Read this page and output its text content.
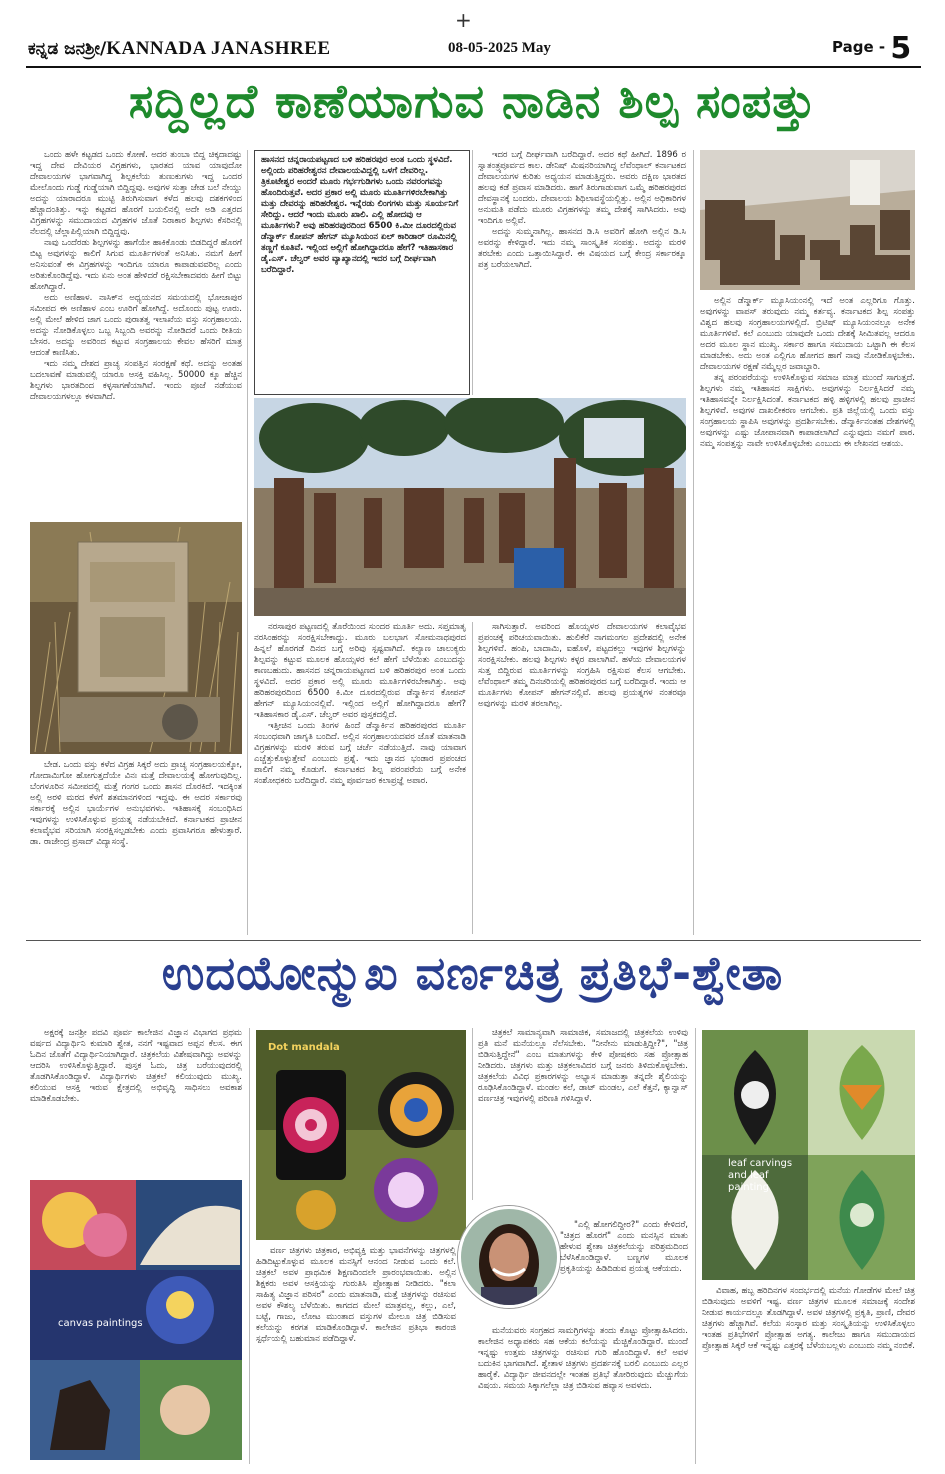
+
ಕನ್ನಡ ಜನಶ್ರೀ/KANNADA JANASHREE	08-05-2025 May	Page - 5
ಸದ್ದಿಲ್ಲದೆ ಕಾಣೆಯಾಗುವ ನಾಡಿನ ಶಿಲ್ಪ ಸಂಪತ್ತು

ಒಂದು ಹಳೇ ಕಟ್ಟಡದ ಒಂದು ಕೋಣೆ. ಅದರ ತುಂಬಾ ಬಿದ್ದ ಚಿಕ್ಕದಾದಷ್ಟು ಇದ್ದ ದೇವ ದೇವಿಯರ ವಿಗ್ರಹಗಳು, ಭಾರತದ ಯಾವ ಯಾವುದೋ ದೇವಾಲಯಗಳ ಭಾಗವಾಗಿದ್ದ ಶಿಲ್ಪಕಲೆಯ ತುಣುಕುಗಳು ಇದ್ದ ಒಂದರ ಮೇಲೊಂದು ಗುಡ್ಡೆ ಗುಡ್ಡೆಯಾಗಿ ಬಿದ್ದಿದ್ದವು. ಅವುಗಳ ಸುತ್ತಾ ಜೇಡ ಬಲೆ ನೇಯ್ದು ಅದನ್ನು ಯಾರಾದರೂ ಮುಟ್ಟಿ ತಿರುಗಿಸುವಾಗ ಕಳೆದ ಹಲವು ದಶಕಗಳಿಂದ ಹೆಚ್ಚಾದಂತಿತ್ತು. ಇನ್ನು ಕಟ್ಟಡದ ಹೊರಗೆ ಬಯಲಿನಲ್ಲಿ ಅದೇ ಅಡಿ ಎತ್ತರದ ವಿಗ್ರಹಗಳನ್ನು ಸಮುದಾಯದ ವಿಗ್ರಹಗಳ ಜೊತೆ ನಿರಾಕಾರ ಶಿಲ್ಪಗಳು ಕೆಸರಿನಲ್ಲಿ ನೆಲದಲ್ಲಿ ಚೆಲ್ಲಾಪಿಲ್ಲಿಯಾಗಿ ಬಿದ್ದಿದ್ದವು.

ನಾವು ಒಂದೆರಡು ಶಿಲ್ಪಗಳನ್ನು ಹಾಗೆಯೇ ಹಾಕಿಕೊಂಡು ಬಿಡದಿದ್ದರೆ ಹೊರಗೆ ಬಿಟ್ಟ ಅವುಗಳನ್ನು ಕಾಲಿಗೆ ಸಿಗುವ ಮೂರ್ತಿಗಳಂತೆ ಅನಿಸಿತು. ನಮಗೆ ಹೀಗೆ ಅನಿಸುವಂತೆ ಈ ವಿಗ್ರಹಗಳನ್ನು ಇಂದಿಗೂ ಯಾರೂ ಕಾಪಾಡುವವರಿಲ್ಲ ಎಂದು ಅರಿತುಕೊಂಡಿದ್ದೆವು. ಇದು ಏನು ಅಂತ ಹೇಳಿದರೆ ರಕ್ಷಿಸಬೇಕಾದವರು ಹೀಗೆ ಬಿಟ್ಟು ಹೋಗಿದ್ದಾರೆ.

ಅದು ಅಣಿಹಾಳ. ನಾಸಿಕ್‌ನ ಅಧ್ಯಯನದ ಸಮಯದಲ್ಲಿ ಭೋಜಾಪುರ ಸಮೀಪದ ಈ ಅಣಿಹಾಳ ಎಂಬ ಊರಿಗೆ ಹೋಗಿದ್ದೆ. ಅದೊಂದು ಪುಟ್ಟ ಊರು. ಅಲ್ಲಿ ಮೇಲೆ ಹೇಳಿದ ಜಾಗ ಒಂದು ಪುರಾತತ್ವ ಇಲಾಖೆಯ ವಸ್ತು ಸಂಗ್ರಹಾಲಯ. ಅದನ್ನು ನೋಡಿಕೊಳ್ಳಲು ಒಬ್ಬ ಸಿಬ್ಬಂದಿ ಅವರನ್ನು ನೋಡಿದರೆ ಒಂದು ರೀತಿಯ ಬೇಸರ. ಅದನ್ನು ಅವರಿಂದ ಕಟ್ಟುವ ಸಂಗ್ರಹಾಲಯ ಕೇವಲ ಹೆಸರಿಗೆ ಮಾತ್ರ ಆದಂತೆ ಕಾಣಿಸಿತು.

ಇದು ನಮ್ಮ ದೇಶದ ಪ್ರಾಚ್ಯ ಸಂಪತ್ತಿನ ಸಂರಕ್ಷಣೆ ಕಥೆ. ಅದನ್ನು ಅಂತಹ ಬದಲಾವಣೆ ಮಾಡುವಲ್ಲಿ ಯಾರೂ ಆಸಕ್ತಿ ವಹಿಸಿಲ್ಲ. 50000 ಕ್ಕೂ ಹೆಚ್ಚಿನ ಶಿಲ್ಪಗಳು ಭಾರತದಿಂದ ಕಳ್ಳಸಾಗಣೆಯಾಗಿವೆ. ಇಂದು ಪೂಜೆ ನಡೆಯುವ ದೇವಾಲಯಗಳಲ್ಲೂ ಕಳವಾಗಿದೆ.

ಬೇಡ. ಒಂದು ವಸ್ತು ಕಳೆದ ವಿಗ್ರಹ ಸಿಕ್ಕರೆ ಅದು ಪ್ರಾಚ್ಯ ಸಂಗ್ರಹಾಲಯಕ್ಕೋ, ಗೋದಾಮಿಗೋ ಹೋಗುತ್ತದೆಯೇ ವಿನಃ ಮತ್ತೆ ದೇವಾಲಯಕ್ಕೆ ಹೋಗುವುದಿಲ್ಲ. ಬೆಂಗಳೂರಿನ ಸಮೀಪದಲ್ಲಿ ಮತ್ತೆ ಗಂಗರ ಒಂದು ಶಾಸನ ದೊರಕಿದೆ. ಇದಕ್ಕಿಂತ ಅಲ್ಲಿ ಅರಳಿ ಮರದ ಕೆಳಗೆ ಶತಮಾನಗಳಿಂದ ಇದ್ದವು. ಈ ಅದರ ಸರ್ಕಾರವು ಸರ್ಕಾರಕ್ಕೆ ಅಲ್ಲಿನ ಭಾರ್ಯೆಗಳ ಅನುಭವಗಳು. ಇತಿಹಾಸಕ್ಕೆ ಸಂಬಂಧಿಸಿದ ಇವುಗಳನ್ನು ಉಳಿಸಿಕೊಳ್ಳುವ ಪ್ರಯತ್ನ ನಡೆಯಬೇಕಿದೆ. ಕರ್ನಾಟಕದ ಪ್ರಾಚೀನ ಕಲಾವೈಭವ ಸರಿಯಾಗಿ ಸಂರಕ್ಷಿಸಲ್ಪಡಬೇಕು ಎಂದು ಪ್ರವಾಸಿಗರೂ ಹೇಳುತ್ತಾರೆ. ಡಾ. ರಾಜೇಂದ್ರ ಪ್ರಸಾದ್ ವಿದ್ಯಾಸಂಸ್ಥೆ.

ಹಾಸನದ ಚನ್ನರಾಯಪಟ್ಟಣದ ಬಳಿ ಹರಿಹರಪುರ ಅಂತ ಒಂದು ಸ್ಥಳವಿದೆ. ಅಲ್ಲಿಂದು ಪರಿಹರೇಶ್ವರನ ದೇವಾಲಯವಿದ್ದಲ್ಲಿ ಒಳಗೆ ದೇವರಿಲ್ಲ. ತ್ರಿಕೂಟೇಶ್ವರ ಅಂದರೆ ಮೂರು ಗರ್ಭಗುಡಿಗಳು ಒಂದು ನವರಂಗವನ್ನು ಹೊಂದಿರುತ್ತವೆ. ಅದರ ಪ್ರಕಾರ ಅಲ್ಲಿ ಮೂರು ಮೂರ್ತಿಗಳಿರಬೇಕಾಗಿತ್ತು ಮತ್ತು ದೇವರನ್ನು ಹರಿಹರೇಶ್ವರ. ಇನ್ನೆರಡು ಲಿಂಗಗಳು ಮತ್ತು ಸೂರ್ಯನಿಗೆ ಸೇರಿದ್ದು. ಆದರೆ ಇಂದು ಮೂರು ಖಾಲಿ. ಎಲ್ಲಿ ಹೋದವು ಆ ಮೂರ್ತಿಗಳು? ಅವು ಹರಿಹರಪುರದಿಂದ 6500 ಕಿ.ಮೀ ದೂರದಲ್ಲಿರುವ ಡೆನ್ಮಾರ್ಕ್ ಕೋಪನ್ ಹೇಗನ್ ಮ್ಯೂಸಿಯಂನ ಏಲ್ ಕಾರಿಡಾರ್ ರೂಮಿನಲ್ಲಿ ತಣ್ಣಗೆ ಕೂತಿವೆ. ಇಲ್ಲಿಂದ ಅಲ್ಲಿಗೆ ಹೋಗಿದ್ದಾದರೂ ಹೇಗೆ? ಇತಿಹಾಸಕಾರ ಡೈ.ಎಸ್. ಚೆಲ್ವರ್ ಅವರ ವ್ಯಾಖ್ಯಾನದಲ್ಲಿ ಇದರ ಬಗ್ಗೆ ದೀರ್ಘವಾಗಿ ಬರೆದಿದ್ದಾರೆ.

ಇದರ ಬಗ್ಗೆ ದೀರ್ಘವಾಗಿ ಬರೆದಿದ್ದಾರೆ. ಅದರ ಕಥೆ ಹೀಗಿದೆ. 1896 ರ ಸ್ವಾತಂತ್ರ್ಯಪೂರ್ವದ ಕಾಲ. ಡೇನಿಷ್ ಮಿಷನರಿಯಾಗಿದ್ದ ಲೆವೆಂಥಾಲ್ ಕರ್ನಾಟಕದ ದೇವಾಲಯಗಳ ಕುರಿತು ಅಧ್ಯಯನ ಮಾಡುತ್ತಿದ್ದರು. ಅವರು ದಕ್ಷಿಣ ಭಾರತದ ಹಲವು ಕಡೆ ಪ್ರವಾಸ ಮಾಡಿದರು. ಹಾಗೆ ತಿರುಗಾಡುವಾಗ ಒಮ್ಮೆ ಹರಿಹರಪುರದ ದೇವಸ್ಥಾನಕ್ಕೆ ಬಂದರು. ದೇವಾಲಯ ಶಿಥಿಲಾವಸ್ಥೆಯಲ್ಲಿತ್ತು. ಅಲ್ಲಿನ ಅಧಿಕಾರಿಗಳ ಅನುಮತಿ ಪಡೆದು ಮೂರು ವಿಗ್ರಹಗಳನ್ನು ತಮ್ಮ ದೇಶಕ್ಕೆ ಸಾಗಿಸಿದರು. ಅವು ಇಂದಿಗೂ ಅಲ್ಲಿವೆ.

ಅದನ್ನು ಸುಮ್ಮನಾಗಿಲ್ಲ. ಹಾಸನದ ಡಿ.ಸಿ ಅವರಿಗೆ ಹೋಗಿ ಅಲ್ಲಿನ ಡಿ.ಸಿ ಅವರನ್ನು ಕೇಳಿದ್ದಾರೆ. ಇದು ನಮ್ಮ ಸಾಂಸ್ಕೃತಿಕ ಸಂಪತ್ತು. ಅದನ್ನು ಮರಳಿ ತರಬೇಕು ಎಂದು ಒತ್ತಾಯಿಸಿದ್ದಾರೆ. ಈ ವಿಷಯದ ಬಗ್ಗೆ ಕೇಂದ್ರ ಸರ್ಕಾರಕ್ಕೂ ಪತ್ರ ಬರೆಯಲಾಗಿದೆ.

ನರಸಾಪುರ ಪಟ್ಟಣದಲ್ಲಿ ತೊರೆಯಿಂದ ಸುಂದರ ಮೂರ್ತಿ ಅದು. ಸಪ್ತಮಾತೃ ನರಸಿಂಹರನ್ನು ಸಂರಕ್ಷಿಸಬೇಕಾದ್ದು. ಮೂರು ಬಲಭಾಗ ಸೋಮನಾಥಪುರದ ಹಿನ್ನಲೆ ಹೊರಗಡೆ ದಿನದ ಬಗ್ಗೆ ಅರಿವು ಸ್ಪಷ್ಟವಾಗಿದೆ. ಕಲ್ಯಾಣ ಚಾಲುಕ್ಯರು ಶಿಲ್ಪವನ್ನು ಕಟ್ಟುವ ಮೂಲಕ ಹೊಯ್ಸಳರ ಕಲೆ ಹೇಗೆ ಬೆಳೆಯಿತು ಎಂಬುದನ್ನು ಕಾಣಬಹುದು. ಹಾಸನದ ಚನ್ನರಾಯಪಟ್ಟಣದ ಬಳಿ ಹರಿಹರಪುರ ಅಂತ ಒಂದು ಸ್ಥಳವಿದೆ. ಅದರ ಪ್ರಕಾರ ಅಲ್ಲಿ ಮೂರು ಮೂರ್ತಿಗಳಿರಬೇಕಾಗಿತ್ತು. ಅವು ಹರಿಹರಪುರದಿಂದ 6500 ಕಿ.ಮೀ ದೂರದಲ್ಲಿರುವ ಡೆನ್ಮಾರ್ಕಿನ ಕೋಪನ್ ಹೇಗನ್ ಮ್ಯೂಸಿಯಂನಲ್ಲಿವೆ. ಇಲ್ಲಿಂದ ಅಲ್ಲಿಗೆ ಹೋಗಿದ್ದಾದರೂ ಹೇಗೆ? ಇತಿಹಾಸಕಾರ ಡೈ.ಎಸ್. ಚೆಲ್ವರ್ ಅವರ ಪುಸ್ತಕದಲ್ಲಿದೆ.

ಇತ್ತೀಚಿನ ಒಂದು ತಿಂಗಳ ಹಿಂದೆ ಡೆನ್ಮಾರ್ಕಿನ ಹರಿಹರಪುರದ ಮೂರ್ತಿ ಸಂಬಂಧವಾಗಿ ಜಾಗೃತಿ ಬಂದಿದೆ. ಅಲ್ಲಿನ ಸಂಗ್ರಹಾಲಯದವರ ಜೊತೆ ಮಾತನಾಡಿ ವಿಗ್ರಹಗಳನ್ನು ಮರಳಿ ತರುವ ಬಗ್ಗೆ ಚರ್ಚೆ ನಡೆಯುತ್ತಿದೆ. ನಾವು ಯಾವಾಗ ಎಚ್ಚೆತ್ತುಕೊಳ್ಳುತ್ತೇವೆ ಎಂಬುದು ಪ್ರಶ್ನೆ. ಇದು ಜ್ಞಾನದ ಭಂಡಾರ ಪ್ರಪಂಚದ ಪಾಲಿಗೆ ನಮ್ಮ ಕೊಡುಗೆ. ಕರ್ನಾಟಕದ ಶಿಲ್ಪ ಪರಂಪರೆಯ ಬಗ್ಗೆ ಅನೇಕ ಸಂಶೋಧಕರು ಬರೆದಿದ್ದಾರೆ. ನಮ್ಮ ಪೂರ್ವಜರ ಕಲಾಪ್ರಜ್ಞೆ ಅಪಾರ.

ಸಾಗಿಸುತ್ತಾರೆ. ಅವರಿಂದ ಹೊಯ್ಸಳರ ದೇವಾಲಯಗಳ ಕಲಾವೈಭವ ಪ್ರಪಂಚಕ್ಕೆ ಪರಿಚಯವಾಯಿತು. ಹುಲಿಕೆರೆ ನಾಗಮಂಗಲ ಪ್ರದೇಶದಲ್ಲಿ ಅನೇಕ ಶಿಲ್ಪಗಳಿವೆ. ಹಂಪಿ, ಬಾದಾಮಿ, ಐಹೊಳೆ, ಪಟ್ಟದಕಲ್ಲು ಇವುಗಳ ಶಿಲ್ಪಗಳನ್ನು ಸಂರಕ್ಷಿಸಬೇಕು. ಹಲವು ಶಿಲ್ಪಗಳು ಕಳ್ಳರ ಪಾಲಾಗಿವೆ. ಹಳೆಯ ದೇವಾಲಯಗಳ ಸುತ್ತ ಬಿದ್ದಿರುವ ಮೂರ್ತಿಗಳನ್ನು ಸಂಗ್ರಹಿಸಿ ರಕ್ಷಿಸುವ ಕೆಲಸ ಆಗಬೇಕು. ಲೆವೆಂಥಾಲ್ ತಮ್ಮ ದಿನಚರಿಯಲ್ಲಿ ಹರಿಹರಪುರದ ಬಗ್ಗೆ ಬರೆದಿದ್ದಾರೆ. ಇಂದು ಆ ಮೂರ್ತಿಗಳು ಕೋಪನ್ ಹೇಗನ್‌ನಲ್ಲಿವೆ. ಹಲವು ಪ್ರಯತ್ನಗಳ ನಂತರವೂ ಅವುಗಳನ್ನು ಮರಳಿ ತರಲಾಗಿಲ್ಲ.

ಅಲ್ಲಿನ ಡೆನ್ಮಾರ್ಕ್ ಮ್ಯೂಸಿಯಂನಲ್ಲಿ ಇದೆ ಅಂತ ಎಲ್ಲರಿಗೂ ಗೊತ್ತು. ಅವುಗಳನ್ನು ವಾಪಸ್ ತರುವುದು ನಮ್ಮ ಕರ್ತವ್ಯ. ಕರ್ನಾಟಕದ ಶಿಲ್ಪ ಸಂಪತ್ತು ವಿಶ್ವದ ಹಲವು ಸಂಗ್ರಹಾಲಯಗಳಲ್ಲಿದೆ. ಬ್ರಿಟಿಷ್ ಮ್ಯೂಸಿಯಂನಲ್ಲೂ ಅನೇಕ ಮೂರ್ತಿಗಳಿವೆ. ಕಲೆ ಎಂಬುದು ಯಾವುದೇ ಒಂದು ದೇಶಕ್ಕೆ ಸೀಮಿತವಲ್ಲ ಆದರೂ ಅದರ ಮೂಲ ಸ್ಥಾನ ಮುಖ್ಯ. ಸರ್ಕಾರ ಹಾಗೂ ಸಮುದಾಯ ಒಟ್ಟಾಗಿ ಈ ಕೆಲಸ ಮಾಡಬೇಕು. ಅದು ಅಂತ ಎಲ್ಲಿಗೂ ಹೋಗದ ಹಾಗೆ ನಾವು ನೋಡಿಕೊಳ್ಳಬೇಕು. ದೇವಾಲಯಗಳ ರಕ್ಷಣೆ ನಮ್ಮೆಲ್ಲರ ಜವಾಬ್ದಾರಿ.

ತನ್ನ ಪರಂಪರೆಯನ್ನು ಉಳಿಸಿಕೊಳ್ಳುವ ಸಮಾಜ ಮಾತ್ರ ಮುಂದೆ ಸಾಗುತ್ತದೆ. ಶಿಲ್ಪಗಳು ನಮ್ಮ ಇತಿಹಾಸದ ಸಾಕ್ಷಿಗಳು. ಅವುಗಳನ್ನು ನಿರ್ಲಕ್ಷಿಸಿದರೆ ನಮ್ಮ ಇತಿಹಾಸವನ್ನೇ ನಿರ್ಲಕ್ಷಿಸಿದಂತೆ. ಕರ್ನಾಟಕದ ಹಳ್ಳಿ ಹಳ್ಳಿಗಳಲ್ಲಿ ಹಲವು ಪ್ರಾಚೀನ ಶಿಲ್ಪಗಳಿವೆ. ಅವುಗಳ ದಾಖಲೀಕರಣ ಆಗಬೇಕು. ಪ್ರತಿ ಜಿಲ್ಲೆಯಲ್ಲಿ ಒಂದು ವಸ್ತು ಸಂಗ್ರಹಾಲಯ ಸ್ಥಾಪಿಸಿ ಅವುಗಳನ್ನು ಪ್ರದರ್ಶಿಸಬೇಕು. ಡೆನ್ಮಾರ್ಕಿನಂತಹ ದೇಶಗಳಲ್ಲಿ ಅವುಗಳನ್ನು ಎಷ್ಟು ಜೋಪಾನವಾಗಿ ಕಾಪಾಡಲಾಗಿದೆ ಎನ್ನುವುದು ನಮಗೆ ಪಾಠ. ನಮ್ಮ ಸಂಪತ್ತನ್ನು ನಾವೇ ಉಳಿಸಿಕೊಳ್ಳಬೇಕು ಎಂಬುದು ಈ ಲೇಖನದ ಆಶಯ.

ಉದಯೋನ್ಮುಖ ವರ್ಣಚಿತ್ರ ಪ್ರತಿಭೆ-ಶ್ವೇತಾ

ಅಕ್ಷರಕ್ಕೆ ಜನಶ್ರೀ ಪದವಿ ಪೂರ್ವ ಕಾಲೇಜಿನ ವಿಜ್ಞಾನ ವಿಭಾಗದ ಪ್ರಥಮ ವರ್ಷದ ವಿದ್ಯಾರ್ಥಿನಿ ಕುಮಾರಿ ಶ್ವೇತ, ನನಗೆ ಇಷ್ಟವಾದ ಅಪ್ಪನ ಕೆಲಸ. ಈಗ ಓದಿನ ಜೊತೆಗೆ ವಿದ್ಯಾರ್ಥಿನಿಯಾಗಿದ್ದಾರೆ. ಚಿತ್ರಕಲೆಯ ವಿಶೇಷವಾಗಿದ್ದು ಅವಳನ್ನು ಆದರಿಸಿ ಉಳಿಸಿಕೊಳ್ಳುತ್ತಿದ್ದಾರೆ. ಪುಸ್ತಕ ಓದು, ಚಿತ್ರ ಬರೆಯುವುದರಲ್ಲಿ ತೊಡಗಿಸಿಕೊಂಡಿದ್ದಾಳೆ. ವಿದ್ಯಾರ್ಥಿಗಳು ಚಿತ್ರಕಲೆ ಕಲಿಯುವುದು ಮುಖ್ಯ. ಕಲಿಯುವ ಆಸಕ್ತಿ ಇರುವ ಕ್ಷೇತ್ರದಲ್ಲಿ ಅಭಿವೃದ್ಧಿ ಸಾಧಿಸಲು ಅವಕಾಶ ಮಾಡಿಕೊಡಬೇಕು.

canvas paintings
Dot mandala

ವರ್ಣ ಚಿತ್ರಗಳು ಚಿತ್ರಕಾರ, ಅಭಿವ್ಯಕ್ತಿ ಮತ್ತು ಭಾವನೆಗಳನ್ನು ಚಿತ್ರಗಳಲ್ಲಿ ಹಿಡಿದಿಟ್ಟುಕೊಳ್ಳುವ ಮೂಲಕ ಮನಸ್ಸಿಗೆ ಆನಂದ ನೀಡುವ ಒಂದು ಕಲೆ. ಚಿತ್ರಕಲೆ ಅವಳ ಪ್ರಾಥಮಿಕ ಶಿಕ್ಷಣದಿಂದಲೇ ಪ್ರಾರಂಭವಾಯಿತು. ಅಲ್ಲಿನ ಶಿಕ್ಷಕರು ಅವಳ ಆಸಕ್ತಿಯನ್ನು ಗುರುತಿಸಿ ಪ್ರೋತ್ಸಾಹ ನೀಡಿದರು. "ಕಲಾ ಸಾಹಿತ್ಯ ವಿಜ್ಞಾನ ಪರಿಸರ" ಎಂದು ಮಾತನಾಡಿ, ಮತ್ತೆ ಚಿತ್ರಗಳನ್ನು ರಚಿಸುವ ಅವಳ ಕೌಶಲ್ಯ ಬೆಳೆಯಿತು. ಕಾಗದದ ಮೇಲೆ ಮಾತ್ರವಲ್ಲ, ಕಲ್ಲು, ಎಲೆ, ಬಟ್ಟೆ, ಗಾಜು, ಲೋಟ ಮುಂತಾದ ವಸ್ತುಗಳ ಮೇಲೂ ಚಿತ್ರ ಬಿಡಿಸುವ ಕಲೆಯನ್ನು ಕರಗತ ಮಾಡಿಕೊಂಡಿದ್ದಾಳೆ. ಕಾಲೇಜಿನ ಪ್ರತಿಭಾ ಕಾರಂಜಿ ಸ್ಪರ್ಧೆಯಲ್ಲಿ ಬಹುಮಾನ ಪಡೆದಿದ್ದಾಳೆ.

ಚಿತ್ರಕಲೆ ಸಾಮಾನ್ಯವಾಗಿ ಸಾಮಾಜಿಕ, ಸಮಾಜದಲ್ಲಿ ಚಿತ್ರಕಲೆಯ ಉಳಿವು ಪ್ರತಿ ಮನೆ ಮನೆಯಲ್ಲೂ ನೆಲೆಸಬೇಕು. "ನೀನೇನು ಮಾಡುತ್ತಿದ್ದೀ?", "ಚಿತ್ರ ಬಿಡಿಸುತ್ತಿದ್ದೇನೆ" ಎಂಬ ಮಾತುಗಳನ್ನು ಕೇಳಿ ಪೋಷಕರು ಸಹ ಪ್ರೋತ್ಸಾಹ ನೀಡಿದರು. ಚಿತ್ರಗಳು ಮತ್ತು ಚಿತ್ರಕಲಾವಿದರ ಬಗ್ಗೆ ಜನರು ತಿಳಿದುಕೊಳ್ಳಬೇಕು. ಚಿತ್ರಕಲೆಯ ವಿವಿಧ ಪ್ರಕಾರಗಳನ್ನು ಅಭ್ಯಾಸ ಮಾಡುತ್ತಾ ತನ್ನದೇ ಶೈಲಿಯನ್ನು ರೂಢಿಸಿಕೊಂಡಿದ್ದಾಳೆ. ಮಂಡಲ ಕಲೆ, ಡಾಟ್ ಮಂಡಲ, ಎಲೆ ಕೆತ್ತನೆ, ಕ್ಯಾನ್ವಾಸ್ ವರ್ಣಚಿತ್ರ ಇವುಗಳಲ್ಲಿ ಪರಿಣತಿ ಗಳಿಸಿದ್ದಾಳೆ.

"ಎಲ್ಲಿ ಹೋಗಲಿದ್ದೀರ?" ಎಂದು ಕೇಳಿದರೆ, "ಚಿತ್ರದ ಹೊರಗೆ" ಎಂದು ಮನಸ್ಸಿನ ಮಾತು ಹೇಳುವ ಶ್ವೇತಾ ಚಿತ್ರಕಲೆಯನ್ನು ಪರಿಶ್ರಮದಿಂದ ಬೆಳೆಸಿಕೊಂಡಿದ್ದಾಳೆ. ಬಣ್ಣಗಳ ಮೂಲಕ ಪ್ರಕೃತಿಯನ್ನು ಹಿಡಿದಿಡುವ ಪ್ರಯತ್ನ ಆಕೆಯದು.

ಮನೆಯವರು ಸಂಗ್ರಹದ ಸಾಮಗ್ರಿಗಳನ್ನು ತಂದು ಕೊಟ್ಟು ಪ್ರೋತ್ಸಾಹಿಸಿದರು. ಕಾಲೇಜಿನ ಅಧ್ಯಾಪಕರು ಸಹ ಆಕೆಯ ಕಲೆಯನ್ನು ಮೆಚ್ಚಿಕೊಂಡಿದ್ದಾರೆ. ಮುಂದೆ ಇನ್ನಷ್ಟು ಉತ್ತಮ ಚಿತ್ರಗಳನ್ನು ರಚಿಸುವ ಗುರಿ ಹೊಂದಿದ್ದಾಳೆ. ಕಲೆ ಅವಳ ಬದುಕಿನ ಭಾಗವಾಗಿದೆ. ಶ್ವೇತಾಳ ಚಿತ್ರಗಳು ಪ್ರದರ್ಶನಕ್ಕೆ ಬರಲಿ ಎಂಬುದು ಎಲ್ಲರ ಹಾರೈಕೆ. ವಿದ್ಯಾರ್ಥಿ ಜೀವನದಲ್ಲೇ ಇಂತಹ ಪ್ರತಿಭೆ ತೋರಿರುವುದು ಮೆಚ್ಚುಗೆಯ ವಿಷಯ. ಸಮಯ ಸಿಕ್ಕಾಗಲೆಲ್ಲಾ ಚಿತ್ರ ಬಿಡಿಸುವ ಹವ್ಯಾಸ ಅವಳದು.

leaf carvings and leaf painting

ವಿವಾಹ, ಹಬ್ಬ ಹರಿದಿನಗಳ ಸಂದರ್ಭದಲ್ಲಿ ಮನೆಯ ಗೋಡೆಗಳ ಮೇಲೆ ಚಿತ್ರ ಬಿಡಿಸುವುದು ಅವಳಿಗೆ ಇಷ್ಟ. ವರ್ಣ ಚಿತ್ರಗಳ ಮೂಲಕ ಸಮಾಜಕ್ಕೆ ಸಂದೇಶ ನೀಡುವ ಕಾರ್ಯದಲ್ಲೂ ತೊಡಗಿದ್ದಾಳೆ. ಅವಳ ಚಿತ್ರಗಳಲ್ಲಿ ಪ್ರಕೃತಿ, ಪ್ರಾಣಿ, ದೇವರ ಚಿತ್ರಗಳು ಹೆಚ್ಚಾಗಿವೆ. ಕಲೆಯ ಸಂಸ್ಕಾರ ಮತ್ತು ಸಂಸ್ಕೃತಿಯನ್ನು ಉಳಿಸಿಕೊಳ್ಳಲು ಇಂತಹ ಪ್ರತಿಭೆಗಳಿಗೆ ಪ್ರೋತ್ಸಾಹ ಅಗತ್ಯ. ಕಾಲೇಜು ಹಾಗೂ ಸಮುದಾಯದ ಪ್ರೋತ್ಸಾಹ ಸಿಕ್ಕರೆ ಆಕೆ ಇನ್ನಷ್ಟು ಎತ್ತರಕ್ಕೆ ಬೆಳೆಯಬಲ್ಲಳು ಎಂಬುದು ನಮ್ಮ ನಂಬಿಕೆ.
